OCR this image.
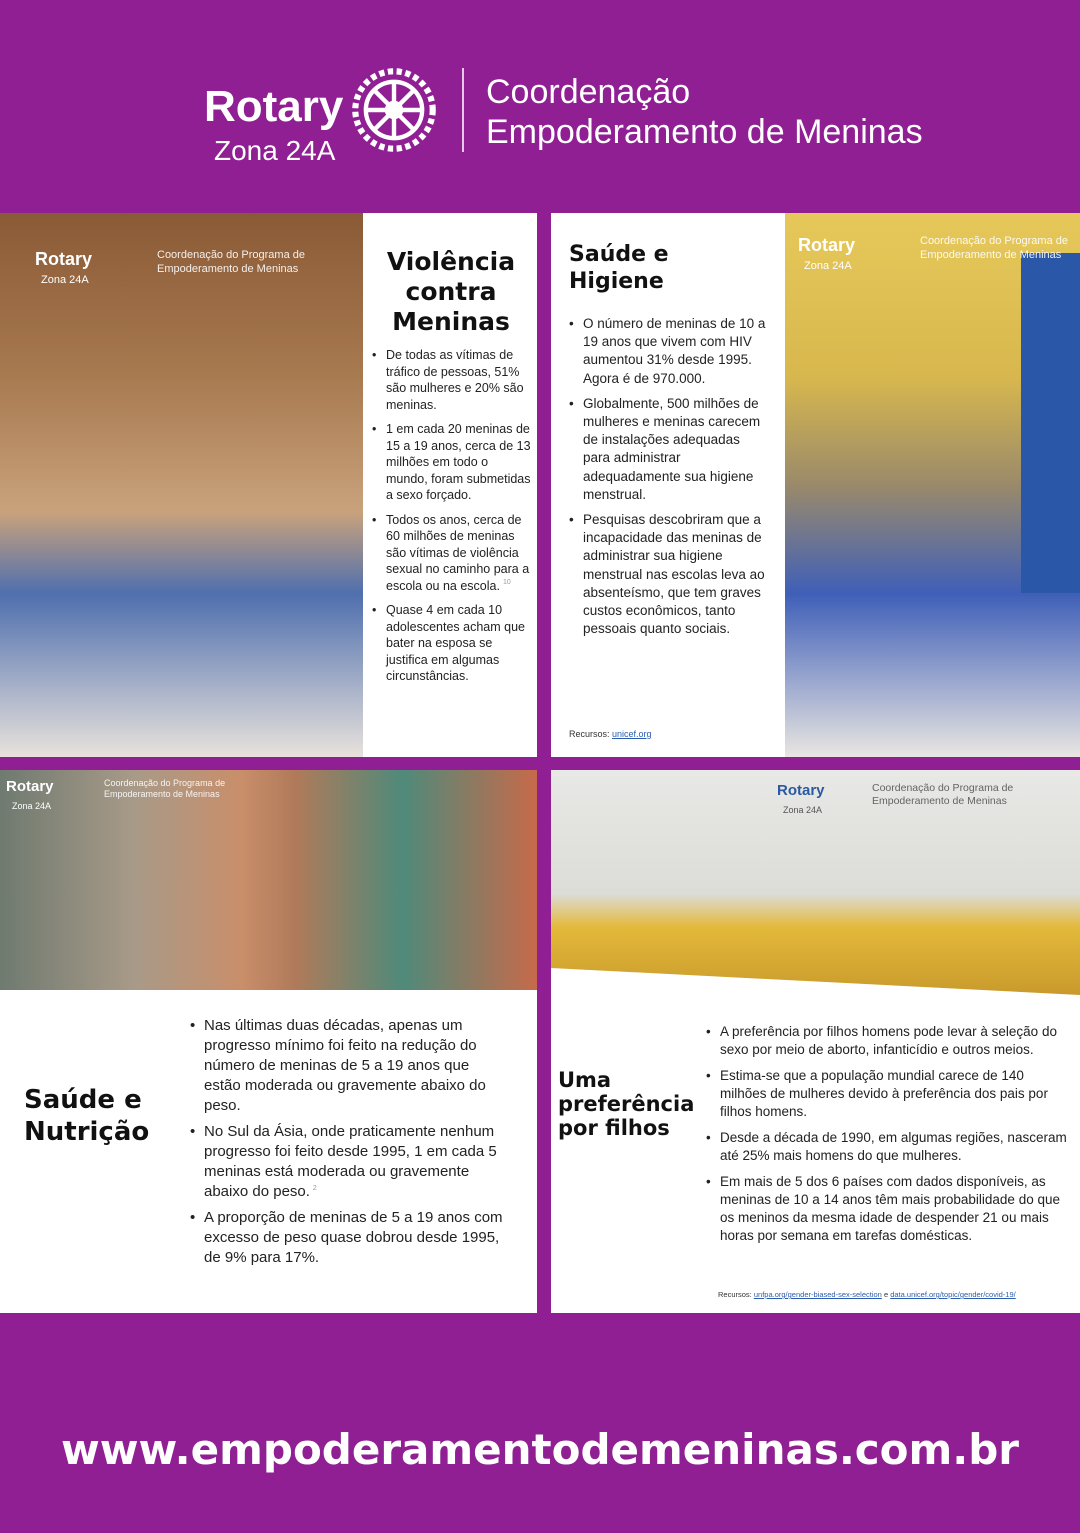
Rotary
Zona 24A
Coordenação
Empoderamento de Meninas
Rotary
Zona 24A
Coordenação do Programa de
Empoderamento de Meninas	Violência contra Meninas
• De todas as vítimas de tráfico de pessoas, 51% são mulheres e 20% são meninas.
• 1 em cada 20 meninas de 15 a 19 anos, cerca de 13 milhões em todo o mundo, foram submetidas a sexo forçado.
• Todos os anos, cerca de 60 milhões de meninas são vítimas de violência sexual no caminho para a escola ou na escola. $^{10}$
• Quase 4 em cada 10 adolescentes acham que bater na esposa se justifica em algumas circunstâncias.
Saúde e Higiene
• O número de meninas de 10 a 19 anos que vivem com HIV aumentou 31% desde 1995. Agora é de 970.000.
• Globalmente, 500 milhões de mulheres e meninas carecem de instalações adequadas para administrar adequadamente sua higiene menstrual.
• Pesquisas descobriram que a incapacidade das meninas de administrar sua higiene menstrual nas escolas leva ao absenteísmo, que tem graves custos econômicos, tanto pessoais quanto sociais.
Recursos: unicef.org
Rotary
Zona 24A
Coordenação do Programa de
Empoderamento de Meninas
Rotary
Zona 24A
Coordenação do Programa de
Empoderamento de Meninas
Saúde e Nutrição
• Nas últimas duas décadas, apenas um progresso mínimo foi feito na redução do número de meninas de 5 a 19 anos que estão moderada ou gravemente abaixo do peso.
• No Sul da Ásia, onde praticamente nenhum progresso foi feito desde 1995, 1 em cada 5 meninas está moderada ou gravemente abaixo do peso. $^2$
• A proporção de meninas de 5 a 19 anos com excesso de peso quase dobrou desde 1995, de 9% para 17%.
Rotary
Zona 24A
Coordenação do Programa de
Empoderamento de Meninas
Uma preferência por filhos
• A preferência por filhos homens pode levar à seleção do sexo por meio de aborto, infanticídio e outros meios.
• Estima-se que a população mundial carece de 140 milhões de mulheres devido à preferência dos pais por filhos homens.
• Desde a década de 1990, em algumas regiões, nasceram até 25% mais homens do que mulheres.
• Em mais de 5 dos 6 países com dados disponíveis, as meninas de 10 a 14 anos têm mais probabilidade do que os meninos da mesma idade de despender 21 ou mais horas por semana em tarefas domésticas.
Recursos: unfpa.org/gender-biased-sex-selection e data.unicef.org/topic/gender/covid-19/
www.empoderamentodemeninas.com.br
